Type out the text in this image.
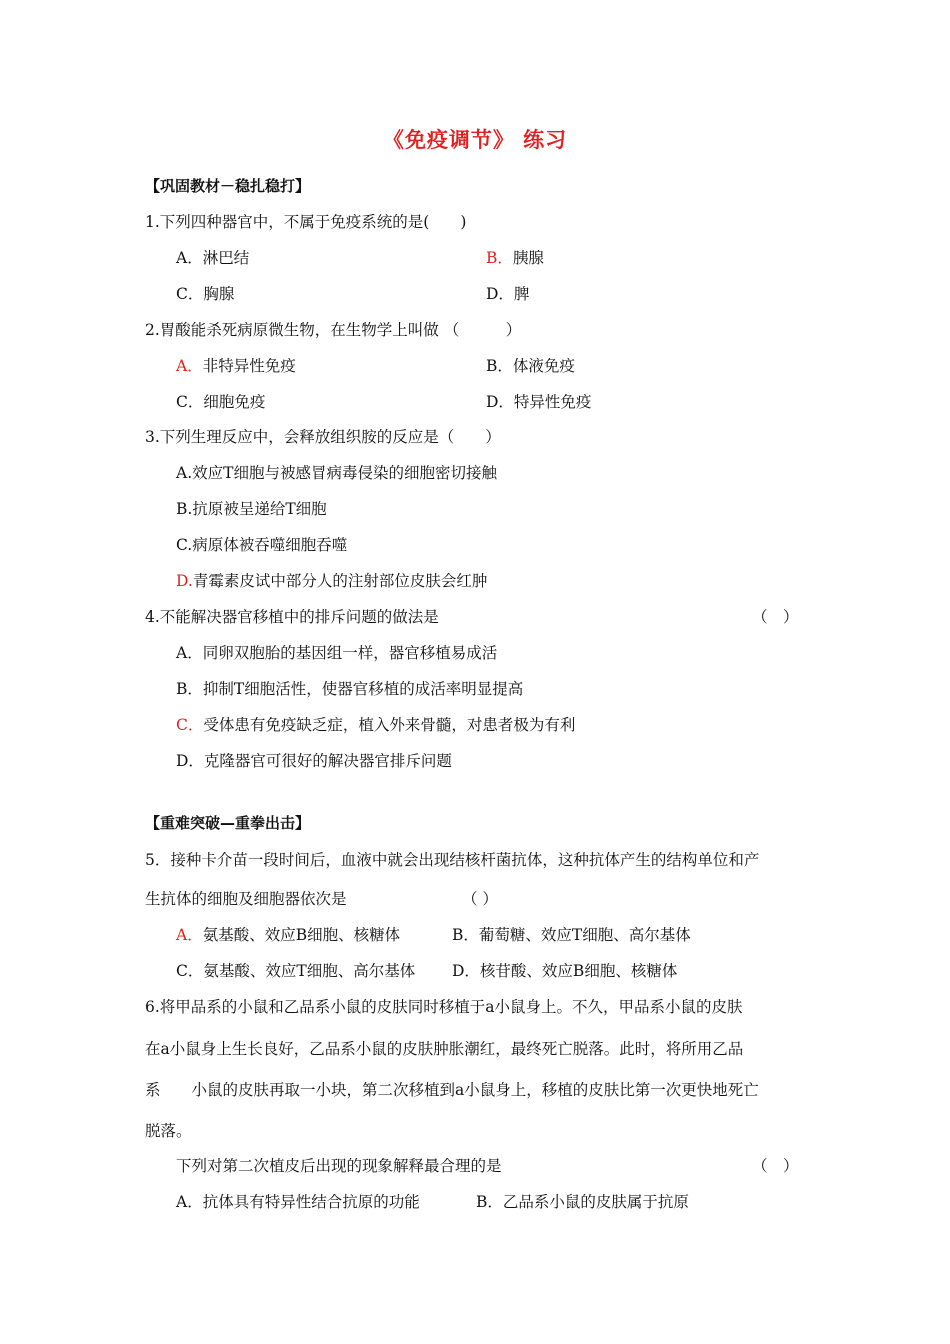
《免疫调节》 练习
【巩固教材－稳扎稳打】
1.下列四种器官中，不属于免疫系统的是(　　)
A．淋巴结	B．胰腺
C．胸腺	D．脾
2.胃酸能杀死病原微生物，在生物学上叫做 （　　　）
A．非特异性免疫	B．体液免疫
C．细胞免疫	D．特异性免疫
3.下列生理反应中，会释放组织胺的反应是（　　）
A.效应T细胞与被感冒病毒侵染的细胞密切接触
B.抗原被呈递给T细胞
C.病原体被吞噬细胞吞噬
D.青霉素皮试中部分人的注射部位皮肤会红肿
4.不能解决器官移植中的排斥问题的做法是	（　）
A．同卵双胞胎的基因组一样，器官移植易成活
B．抑制T细胞活性，使器官移植的成活率明显提高
C．受体患有免疫缺乏症，植入外来骨髓，对患者极为有利
D．克隆器官可很好的解决器官排斥问题
【重难突破—重拳出击】
5．接种卡介苗一段时间后，血液中就会出现结核杆菌抗体，这种抗体产生的结构单位和产
生抗体的细胞及细胞器依次是	（ ）
A．氨基酸、效应B细胞、核糖体	B．葡萄糖、效应T细胞、高尔基体
C．氨基酸、效应T细胞、高尔基体 D．核苷酸、效应B细胞、核糖体
6.将甲品系的小鼠和乙品系小鼠的皮肤同时移植于a小鼠身上。不久，甲品系小鼠的皮肤
在a小鼠身上生长良好，乙品系小鼠的皮肤肿胀潮红，最终死亡脱落。此时，将所用乙品
系　　小鼠的皮肤再取一小块，第二次移植到a小鼠身上，移植的皮肤比第一次更快地死亡
脱落。
下列对第二次植皮后出现的现象解释最合理的是	（　）
A．抗体具有特异性结合抗原的功能	B．乙品系小鼠的皮肤属于抗原
